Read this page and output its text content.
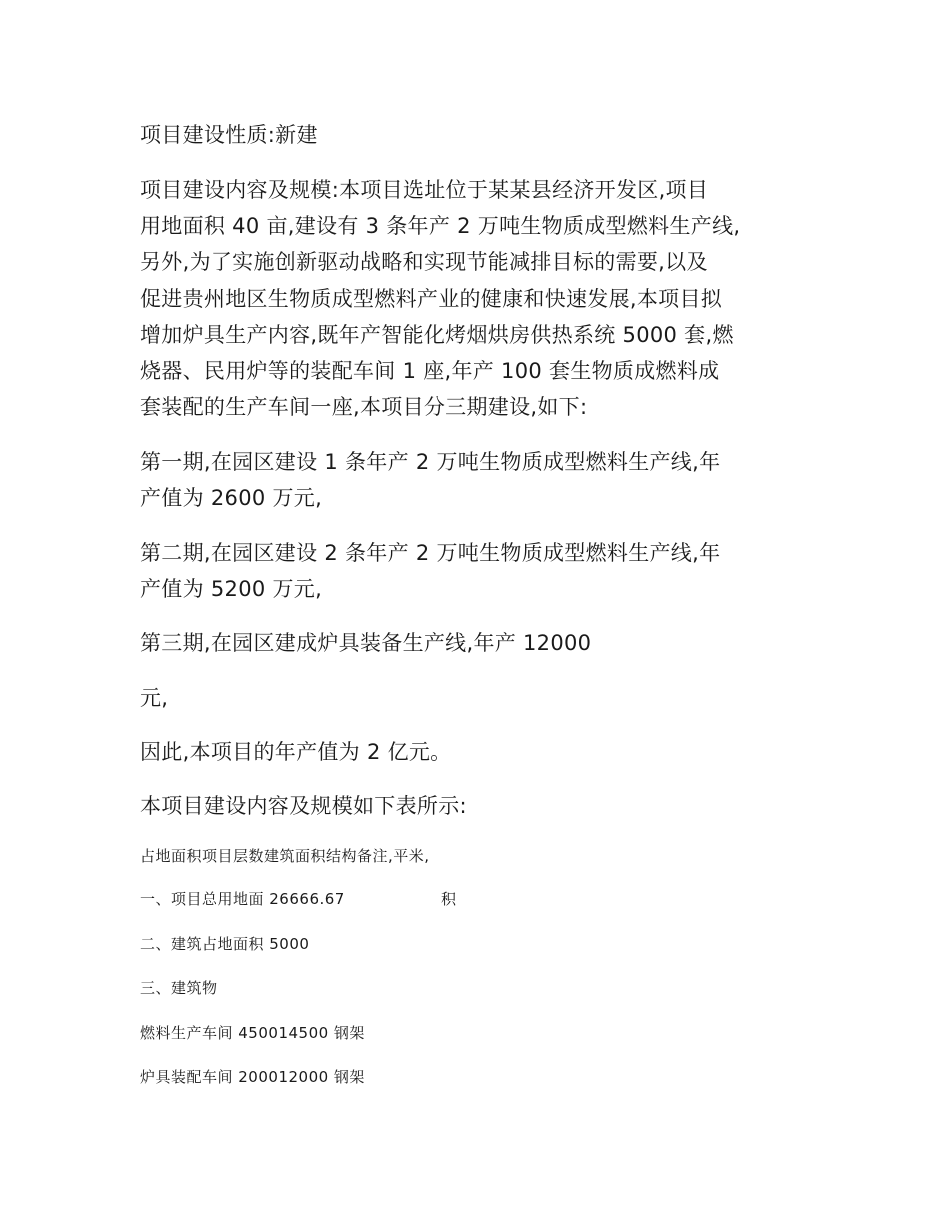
项目建设性质:新建
项目建设内容及规模:本项目选址位于某某县经济开发区,项目
用地面积 40 亩,建设有 3 条年产 2 万吨生物质成型燃料生产线,
另外,为了实施创新驱动战略和实现节能减排目标的需要,以及
促进贵州地区生物质成型燃料产业的健康和快速发展,本项目拟
增加炉具生产内容,既年产智能化烤烟烘房供热系统 5000 套,燃
烧器、民用炉等的装配车间 1 座,年产 100 套生物质成燃料成
套装配的生产车间一座,本项目分三期建设,如下:
第一期,在园区建设 1 条年产 2 万吨生物质成型燃料生产线,年
产值为 2600 万元,
第二期,在园区建设 2 条年产 2 万吨生物质成型燃料生产线,年
产值为 5200 万元,
第三期,在园区建成炉具装备生产线,年产 12000
元,
因此,本项目的年产值为 2 亿元。
本项目建设内容及规模如下表所示:
占地面积项目层数建筑面积结构备注,平米,
一、项目总用地面 26666.67	积
二、建筑占地面积 5000
三、建筑物
燃料生产车间 450014500 钢架
炉具装配车间 200012000 钢架
